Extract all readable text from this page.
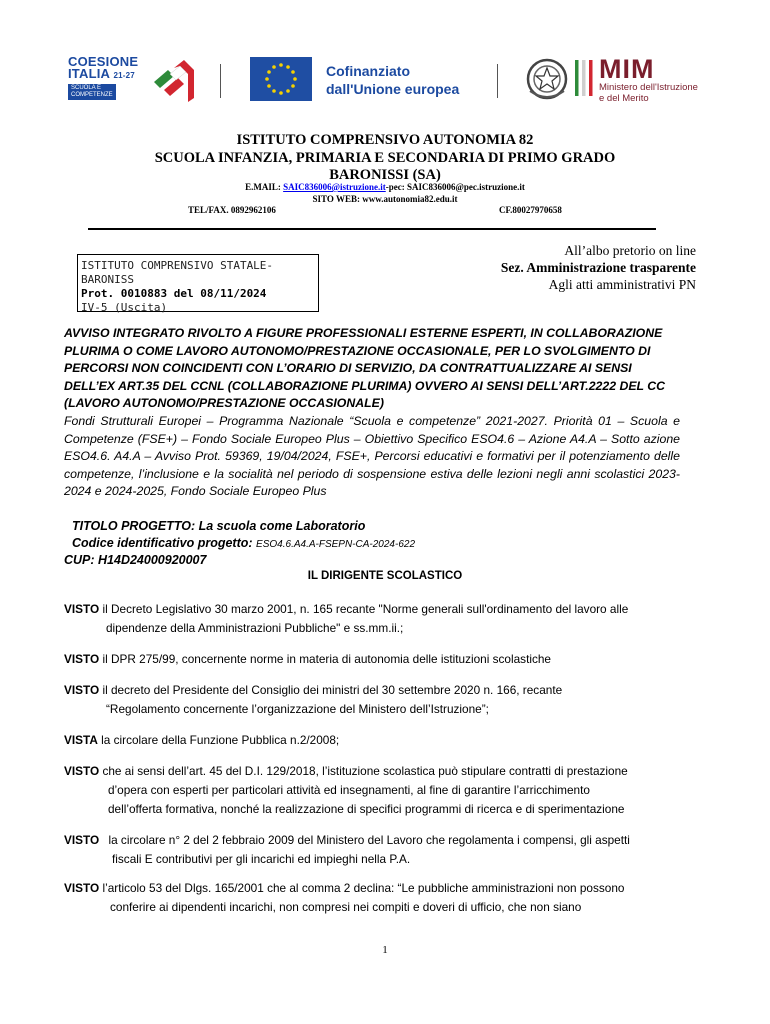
COESIONE
ITALIA 21-27
SCUOLA E
COMPETENZE
Cofinanziato
dall'Unione europea
MIM
Ministero dell'Istruzione
e del Merito
ISTITUTO COMPRENSIVO AUTONOMIA 82
SCUOLA INFANZIA, PRIMARIA E SECONDARIA DI PRIMO GRADO
BARONISSI (SA)
E.MAIL: SAIC836006@istruzione.it-pec: SAIC836006@pec.istruzione.it
SITO WEB: www.autonomia82.edu.it
TEL/FAX. 0892962106	CF.80027970658
ISTITUTO COMPRENSIVO STATALE-BARONISS
Prot. 0010883 del 08/11/2024
IV-5 (Uscita)
All’albo pretorio on line
Sez. Amministrazione trasparente
Agli atti amministrativi PN
AVVISO INTEGRATO RIVOLTO A FIGURE PROFESSIONALI ESTERNE ESPERTI, IN COLLABORAZIONE PLURIMA O COME LAVORO AUTONOMO/PRESTAZIONE OCCASIONALE, PER LO SVOLGIMENTO DI PERCORSI NON COINCIDENTI CON L’ORARIO DI SERVIZIO, DA CONTRATTUALIZZARE AI SENSI DELL’EX ART.35 DEL CCNL (COLLABORAZIONE PLURIMA) OVVERO AI SENSI DELL’ART.2222 DEL CC (LAVORO AUTONOMO/PRESTAZIONE OCCASIONALE)
Fondi Strutturali Europei – Programma Nazionale “Scuola e competenze” 2021-2027. Priorità 01 – Scuola e Competenze (FSE+) – Fondo Sociale Europeo Plus – Obiettivo Specifico ESO4.6 – Azione A4.A – Sotto azione ESO4.6. A4.A – Avviso Prot. 59369, 19/04/2024, FSE+, Percorsi educativi e formativi per il potenziamento delle competenze, l’inclusione e la socialità nel periodo di sospensione estiva delle lezioni negli anni scolastici 2023-2024 e 2024-2025, Fondo Sociale Europeo Plus
TITOLO PROGETTO: La scuola come Laboratorio
Codice identificativo progetto: ESO4.6.A4.A-FSEPN-CA-2024-622
CUP: H14D24000920007
IL DIRIGENTE SCOLASTICO
VISTO il Decreto Legislativo 30 marzo 2001, n. 165 recante "Norme generali sull'ordinamento del lavoro alle
dipendenze della Amministrazioni Pubbliche" e ss.mm.ii.;
VISTO il DPR 275/99, concernente norme in materia di autonomia delle istituzioni scolastiche
VISTO il decreto del Presidente del Consiglio dei ministri del 30 settembre 2020 n. 166, recante
“Regolamento concernente l’organizzazione del Ministero dell’Istruzione”;
VISTA la circolare della Funzione Pubblica n.2/2008;
VISTO che ai sensi dell’art. 45 del D.I. 129/2018, l’istituzione scolastica può stipulare contratti di prestazione
d’opera con esperti per particolari attività ed insegnamenti, al fine di garantire l’arricchimento
dell’offerta formativa, nonché la realizzazione di specifici programmi di ricerca e di sperimentazione
VISTO la circolare n° 2 del 2 febbraio 2009 del Ministero del Lavoro che regolamenta i compensi, gli aspetti
fiscali E contributivi per gli incarichi ed impieghi nella P.A.
VISTO l’articolo 53 del Dlgs. 165/2001 che al comma 2 declina: “Le pubbliche amministrazioni non possono
conferire ai dipendenti incarichi, non compresi nei compiti e doveri di ufficio, che non siano
1
